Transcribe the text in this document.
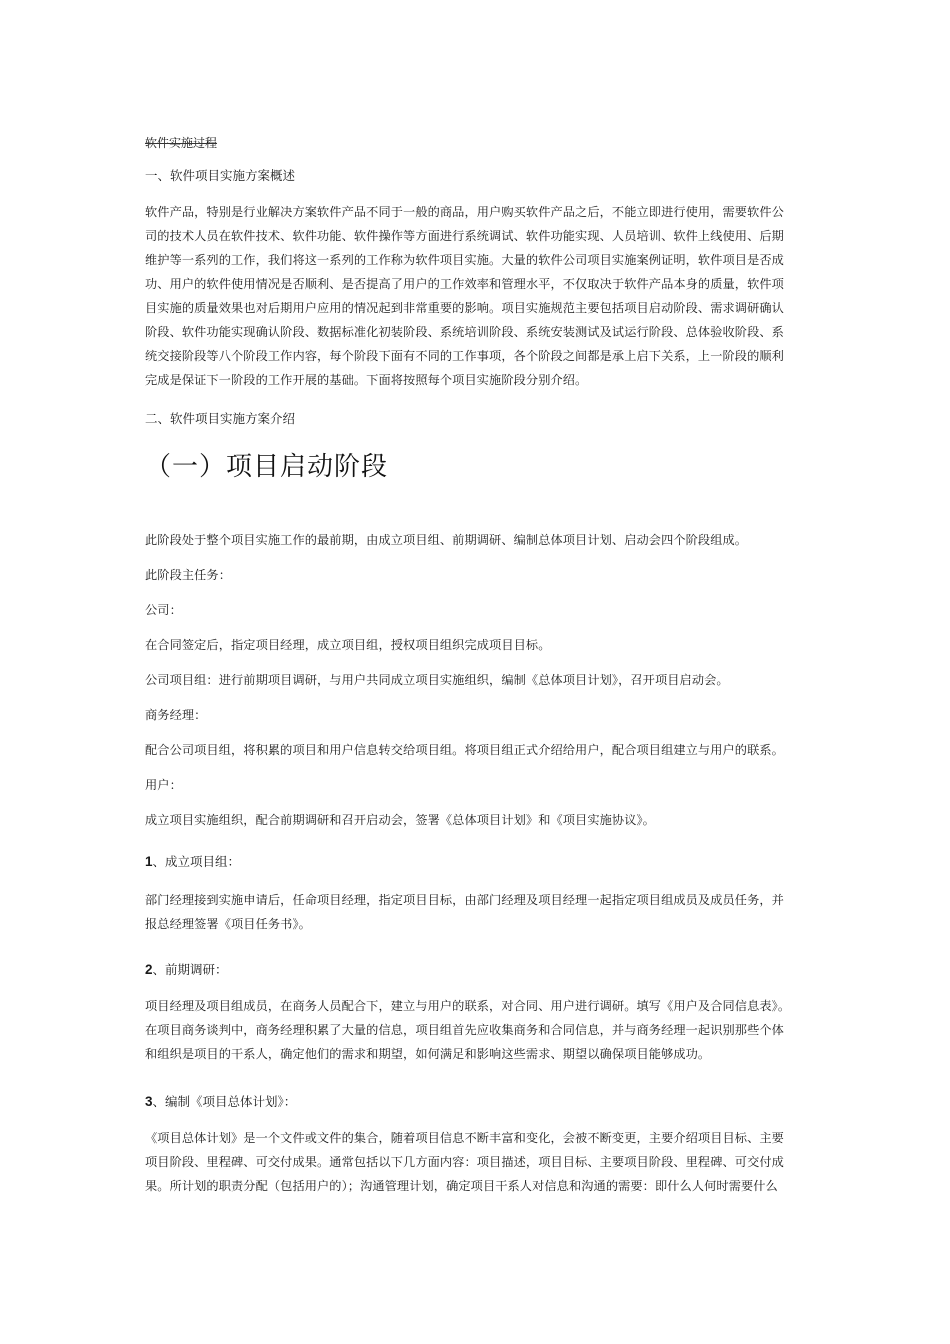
软件实施过程

一、软件项目实施方案概述

软件产品，特别是行业解决方案软件产品不同于一般的商品，用户购买软件产品之后，不能立即进行使用，需要软件公

司的技术人员在软件技术、软件功能、软件操作等方面进行系统调试、软件功能实现、人员培训、软件上线使用、后期

维护等一系列的工作，我们将这一系列的工作称为软件项目实施。大量的软件公司项目实施案例证明，软件项目是否成

功、用户的软件使用情况是否顺利、是否提高了用户的工作效率和管理水平，不仅取决于软件产品本身的质量，软件项

目实施的质量效果也对后期用户应用的情况起到非常重要的影响。项目实施规范主要包括项目启动阶段、需求调研确认

阶段、软件功能实现确认阶段、数据标准化初装阶段、系统培训阶段、系统安装测试及试运行阶段、总体验收阶段、系

统交接阶段等八个阶段工作内容，每个阶段下面有不同的工作事项，各个阶段之间都是承上启下关系，上一阶段的顺利

完成是保证下一阶段的工作开展的基础。下面将按照每个项目实施阶段分别介绍。

二、软件项目实施方案介绍

（一）项目启动阶段

此阶段处于整个项目实施工作的最前期，由成立项目组、前期调研、编制总体项目计划、启动会四个阶段组成。

此阶段主任务：

公司：

在合同签定后，指定项目经理，成立项目组，授权项目组织完成项目目标。

公司项目组：进行前期项目调研，与用户共同成立项目实施组织，编制《总体项目计划》，召开项目启动会。

商务经理：

配合公司项目组，将积累的项目和用户信息转交给项目组。将项目组正式介绍给用户，配合项目组建立与用户的联系。

用户：

成立项目实施组织，配合前期调研和召开启动会，签署《总体项目计划》和《项目实施协议》。

1、成立项目组：

部门经理接到实施申请后，任命项目经理，指定项目目标，由部门经理及项目经理一起指定项目组成员及成员任务，并

报总经理签署《项目任务书》。

2、前期调研：

项目经理及项目组成员，在商务人员配合下，建立与用户的联系，对合同、用户进行调研。填写《用户及合同信息表》。

在项目商务谈判中，商务经理积累了大量的信息，项目组首先应收集商务和合同信息，并与商务经理一起识别那些个体

和组织是项目的干系人，确定他们的需求和期望，如何满足和影响这些需求、期望以确保项目能够成功。

3、编制《项目总体计划》：

《项目总体计划》是一个文件或文件的集合，随着项目信息不断丰富和变化，会被不断变更，主要介绍项目目标、主要

项目阶段、里程碑、可交付成果。通常包括以下几方面内容：项目描述，项目目标、主要项目阶段、里程碑、可交付成

果。所计划的职责分配（包括用户的）；沟通管理计划，确定项目干系人对信息和沟通的需要：即什么人何时需要什么
